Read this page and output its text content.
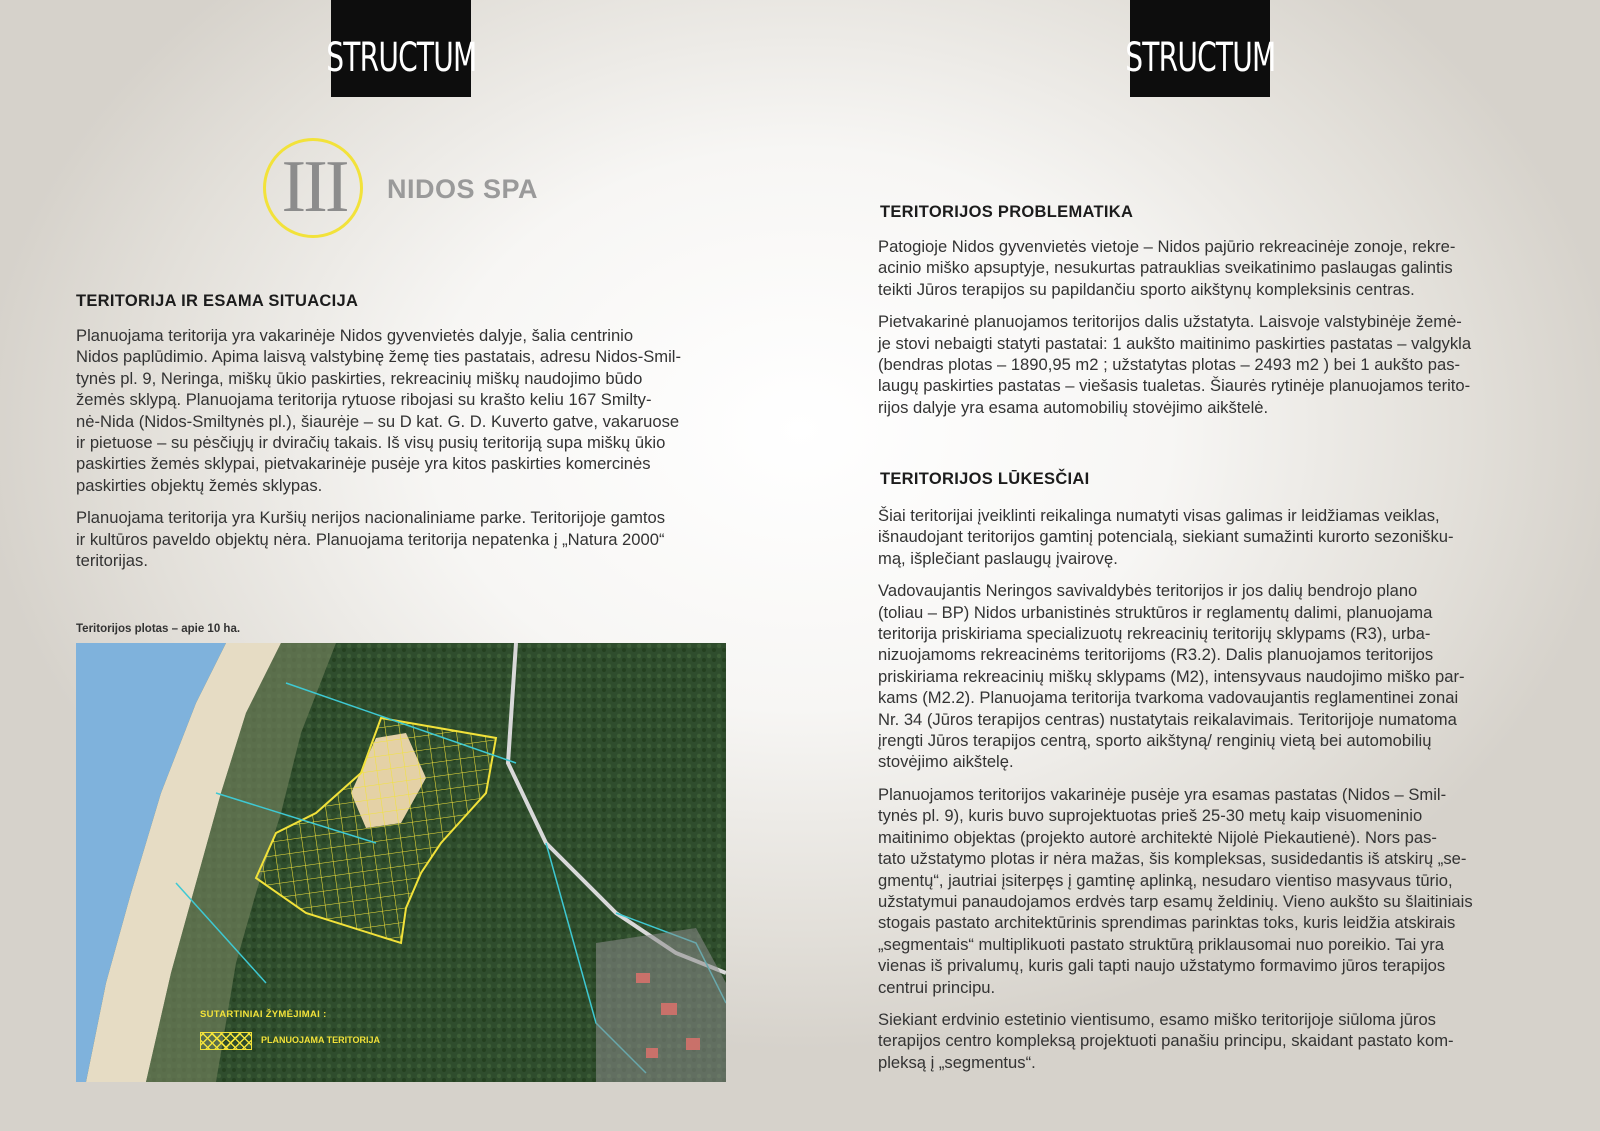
STRUCTUM	STRUCTUM
III	NIDOS SPA
TERITORIJA IR ESAMA SITUACIJA

Planuojama teritorija yra vakarinėje Nidos gyvenvietės dalyje, šalia centrinio
Nidos paplūdimio. Apima laisvą valstybinę žemę ties pastatais, adresu Nidos-Smil-
tynės pl. 9, Neringa, miškų ūkio paskirties, rekreacinių miškų naudojimo būdo
žemės sklypą. Planuojama teritorija rytuose ribojasi su krašto keliu 167 Smilty-
nė-Nida (Nidos-Smiltynės pl.), šiaurėje – su D kat. G. D. Kuverto gatve, vakaruose
ir pietuose – su pėsčiųjų ir dviračių takais. Iš visų pusių teritoriją supa miškų ūkio
paskirties žemės sklypai, pietvakarinėje pusėje yra kitos paskirties komercinės
paskirties objektų žemės sklypas.

Planuojama teritorija yra Kuršių nerijos nacionaliniame parke. Teritorijoje gamtos
ir kultūros paveldo objektų nėra. Planuojama teritorija nepatenka į „Natura 2000“
teritorijas.

Teritorijos plotas – apie 10 ha.
SUTARTINIAI ŽYMĖJIMAI :
PLANUOJAMA TERITORIJA
TERITORIJOS PROBLEMATIKA

Patogioje Nidos gyvenvietės vietoje – Nidos pajūrio rekreacinėje zonoje, rekre-
acinio miško apsuptyje, nesukurtas patrauklias sveikatinimo paslaugas galintis
teikti Jūros terapijos su papildančiu sporto aikštynų kompleksinis centras.

Pietvakarinė planuojamos teritorijos dalis užstatyta. Laisvoje valstybinėje žemė-
je stovi nebaigti statyti pastatai: 1 aukšto maitinimo paskirties pastatas – valgykla
(bendras plotas – 1890,95 m2 ; užstatytas plotas – 2493 m2 ) bei 1 aukšto pas-
laugų paskirties pastatas – viešasis tualetas. Šiaurės rytinėje planuojamos terito-
rijos dalyje yra esama automobilių stovėjimo aikštelė.

TERITORIJOS LŪKESČIAI

Šiai teritorijai įveiklinti reikalinga numatyti visas galimas ir leidžiamas veiklas,
išnaudojant teritorijos gamtinį potencialą, siekiant sumažinti kurorto sezonišku-
mą, išplečiant paslaugų įvairovę.

Vadovaujantis Neringos savivaldybės teritorijos ir jos dalių bendrojo plano
(toliau – BP) Nidos urbanistinės struktūros ir reglamentų dalimi, planuojama
teritorija priskiriama specializuotų rekreacinių teritorijų sklypams (R3), urba-
nizuojamoms rekreacinėms teritorijoms (R3.2). Dalis planuojamos teritorijos
priskiriama rekreacinių miškų sklypams (M2), intensyvaus naudojimo miško par-
kams (M2.2). Planuojama teritorija tvarkoma vadovaujantis reglamentinei zonai
Nr. 34 (Jūros terapijos centras) nustatytais reikalavimais. Teritorijoje numatoma
įrengti Jūros terapijos centrą, sporto aikštyną/ renginių vietą bei automobilių
stovėjimo aikštelę.

Planuojamos teritorijos vakarinėje pusėje yra esamas pastatas (Nidos – Smil-
tynės pl. 9), kuris buvo suprojektuotas prieš 25-30 metų kaip visuomeninio
maitinimo objektas (projekto autorė architektė Nijolė Piekautienė). Nors pas-
tato užstatymo plotas ir nėra mažas, šis kompleksas, susidedantis iš atskirų „se-
gmentų“, jautriai įsiterpęs į gamtinę aplinką, nesudaro vientiso masyvaus tūrio,
užstatymui panaudojamos erdvės tarp esamų želdinių. Vieno aukšto su šlaitiniais
stogais pastato architektūrinis sprendimas parinktas toks, kuris leidžia atskirais
„segmentais“ multiplikuoti pastato struktūrą priklausomai nuo poreikio. Tai yra
vienas iš privalumų, kuris gali tapti naujo užstatymo formavimo jūros terapijos
centrui principu.

Siekiant erdvinio estetinio vientisumo, esamo miško teritorijoje siūloma jūros
terapijos centro kompleksą projektuoti panašiu principu, skaidant pastato kom-
pleksą į „segmentus“.
